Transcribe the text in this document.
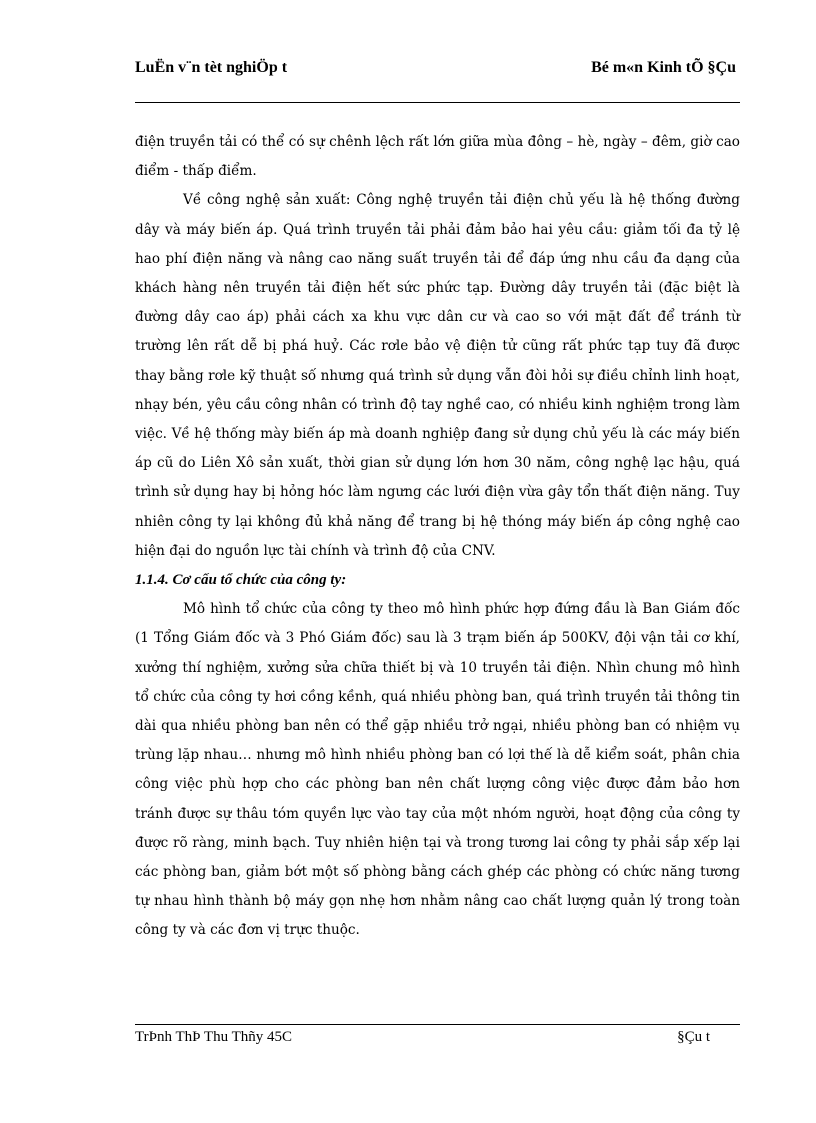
LuËn v¨n tèt nghiÖp t	Bé m«n Kinh tÕ §Çu

điện truyền tải có thể có sự chênh lệch rất lớn giữa mùa đông – hè, ngày – đêm, giờ cao điểm - thấp điểm.

Về công nghệ sản xuất: Công nghệ truyền tải điện chủ yếu là hệ thống đường dây và máy biến áp. Quá trình truyền tải phải đảm bảo hai yêu cầu: giảm tối đa tỷ lệ hao phí điện năng và nâng cao năng suất truyền tải để đáp ứng nhu cầu đa dạng của khách hàng nên truyền tải điện hết sức phức tạp. Đường dây truyền tải (đặc biệt là đường dây cao áp) phải cách xa khu vực dân cư và cao so với mặt đất để tránh từ trường lên rất dễ bị phá huỷ. Các rơle bảo vệ điện tử cũng rất phức tạp tuy đã được thay bằng rơle kỹ thuật số nhưng quá trình sử dụng vẫn đòi hỏi sự điều chỉnh linh hoạt, nhạy bén, yêu cầu công nhân có trình độ tay nghề cao, có nhiều kinh nghiệm trong làm việc. Về hệ thống mày biến áp mà doanh nghiệp đang sử dụng chủ yếu là các máy biến áp cũ do Liên Xô sản xuất, thời gian sử dụng lớn hơn 30 năm, công nghệ lạc hậu, quá trình sử dụng hay bị hỏng hóc làm ngưng các lưới điện vừa gây tổn thất điện năng. Tuy nhiên công ty lại không đủ khả năng để trang bị hệ thóng máy biến áp công nghệ cao hiện đại do nguồn lực tài chính và trình độ của CNV.

1.1.4. Cơ cấu tổ chức của công ty:

Mô hình tổ chức của công ty theo mô hình phức hợp đứng đầu là Ban Giám đốc (1 Tổng Giám đốc và 3 Phó Giám đốc) sau là 3 trạm biến áp 500KV, đội vận tải cơ khí, xưởng thí nghiệm, xưởng sửa chữa thiết bị và 10 truyền tải điện. Nhìn chung mô hình tổ chức của công ty hơi cồng kềnh, quá nhiều phòng ban, quá trình truyền tải thông tin dài qua nhiều phòng ban nên có thể gặp nhiều trở ngại, nhiều phòng ban có nhiệm vụ trùng lặp nhau… nhưng mô hình nhiều phòng ban có lợi thế là dễ kiểm soát, phân chia công việc phù hợp cho các phòng ban nên chất lượng công việc được đảm bảo hơn tránh được sự thâu tóm quyền lực vào tay của một nhóm người, hoạt động của công ty được rõ ràng, minh bạch. Tuy nhiên hiện tại và trong tương lai công ty phải sắp xếp lại các phòng ban, giảm bớt một số phòng bằng cách ghép các phòng có chức năng tương tự nhau hình thành bộ máy gọn nhẹ hơn nhằm nâng cao chất lượng quản lý trong toàn công ty và các đơn vị trực thuộc.

TrÞnh ThÞ Thu Thñy 45C	§Çu t
